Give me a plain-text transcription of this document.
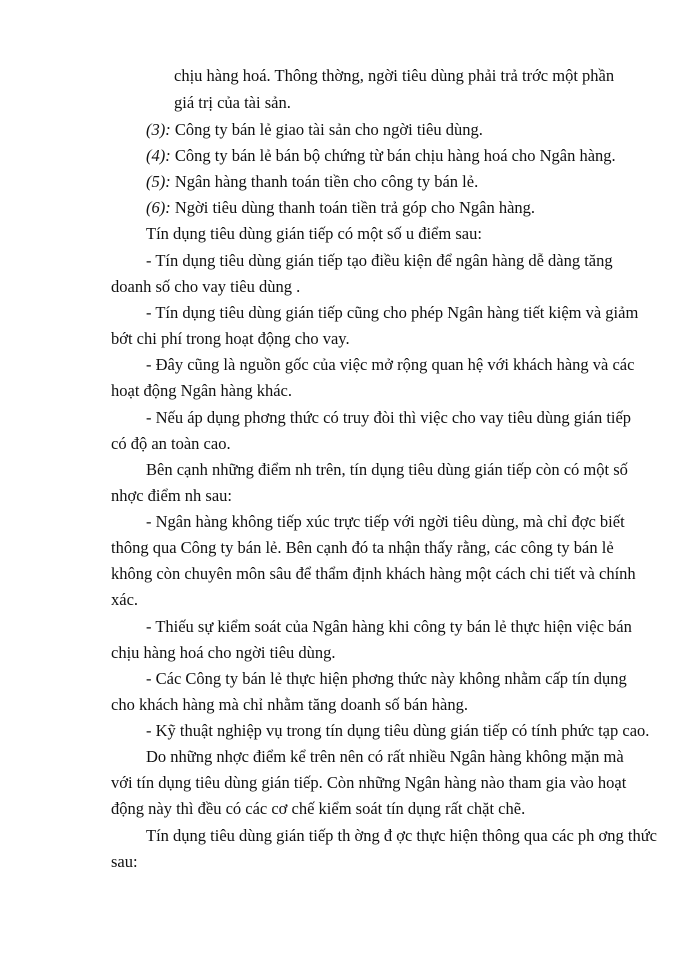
chịu hàng hoá. Thông thờng, ngời tiêu dùng phải trả trớc một phần
giá trị của tài sản.
(3): Công ty bán lẻ giao tài sản cho ngời tiêu dùng.
(4): Công ty bán lẻ bán bộ chứng từ bán chịu hàng hoá cho Ngân hàng.
(5): Ngân hàng thanh toán tiền cho công ty bán lẻ.
(6): Ngời tiêu dùng thanh toán tiền trả góp cho Ngân hàng.
Tín dụng tiêu dùng gián tiếp có một số u điểm sau:
- Tín dụng tiêu dùng gián tiếp tạo điều kiện để ngân hàng dễ dàng tăng
doanh số cho vay tiêu dùng .
- Tín dụng tiêu dùng gián tiếp cũng cho phép Ngân hàng tiết kiệm và giảm
bớt chi phí trong hoạt động cho vay.
- Đây cũng là nguồn gốc của việc mở rộng quan hệ với khách hàng và các
hoạt động Ngân hàng khác.
- Nếu áp dụng phơng thức có truy đòi thì việc cho vay tiêu dùng gián tiếp
có độ an toàn cao.
Bên cạnh những điểm nh trên, tín dụng tiêu dùng gián tiếp còn có một số
nhợc điểm nh sau:
- Ngân hàng không tiếp xúc trực tiếp với ngời tiêu dùng, mà chỉ đợc biết
thông qua Công ty bán lẻ. Bên cạnh đó ta nhận thấy rằng, các công ty bán lẻ
không còn chuyên môn sâu để thẩm định khách hàng một cách chi tiết và chính
xác.
- Thiếu sự kiểm soát của Ngân hàng khi công ty bán lẻ thực hiện việc bán
chịu hàng hoá cho ngời tiêu dùng.
- Các Công ty bán lẻ thực hiện phơng thức này không nhằm cấp tín dụng
cho khách hàng mà chỉ nhằm tăng doanh số bán hàng.
- Kỹ thuật nghiệp vụ trong tín dụng tiêu dùng gián tiếp có tính phức tạp cao.
Do những nhợc điểm kể trên nên có rất nhiều Ngân hàng không mặn mà
với tín dụng tiêu dùng gián tiếp. Còn những Ngân hàng nào tham gia vào hoạt
động này thì đều có các cơ chế kiểm soát tín dụng rất chặt chẽ.
Tín dụng tiêu dùng gián tiếp th ờng đ ợc thực hiện thông qua các ph ơng thức
sau:
